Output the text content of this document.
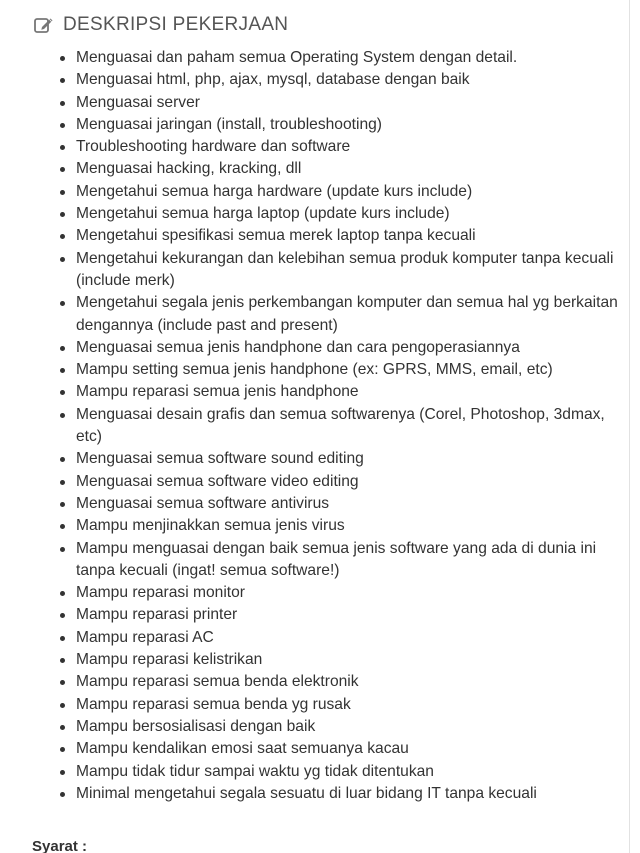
DESKRIPSI PEKERJAAN
Menguasai dan paham semua Operating System dengan detail.
Menguasai html, php, ajax, mysql, database dengan baik
Menguasai server
Menguasai jaringan (install, troubleshooting)
Troubleshooting hardware dan software
Menguasai hacking, kracking, dll
Mengetahui semua harga hardware (update kurs include)
Mengetahui semua harga laptop (update kurs include)
Mengetahui spesifikasi semua merek laptop tanpa kecuali
Mengetahui kekurangan dan kelebihan semua produk komputer tanpa kecuali (include merk)
Mengetahui segala jenis perkembangan komputer dan semua hal yg berkaitan dengannya (include past and present)
Menguasai semua jenis handphone dan cara pengoperasiannya
Mampu setting semua jenis handphone (ex: GPRS, MMS, email, etc)
Mampu reparasi semua jenis handphone
Menguasai desain grafis dan semua softwarenya (Corel, Photoshop, 3dmax, etc)
Menguasai semua software sound editing
Menguasai semua software video editing
Menguasai semua software antivirus
Mampu menjinakkan semua jenis virus
Mampu menguasai dengan baik semua jenis software yang ada di dunia ini tanpa kecuali (ingat! semua software!)
Mampu reparasi monitor
Mampu reparasi printer
Mampu reparasi AC
Mampu reparasi kelistrikan
Mampu reparasi semua benda elektronik
Mampu reparasi semua benda yg rusak
Mampu bersosialisasi dengan baik
Mampu kendalikan emosi saat semuanya kacau
Mampu tidak tidur sampai waktu yg tidak ditentukan
Minimal mengetahui segala sesuatu di luar bidang IT tanpa kecuali
Syarat :
